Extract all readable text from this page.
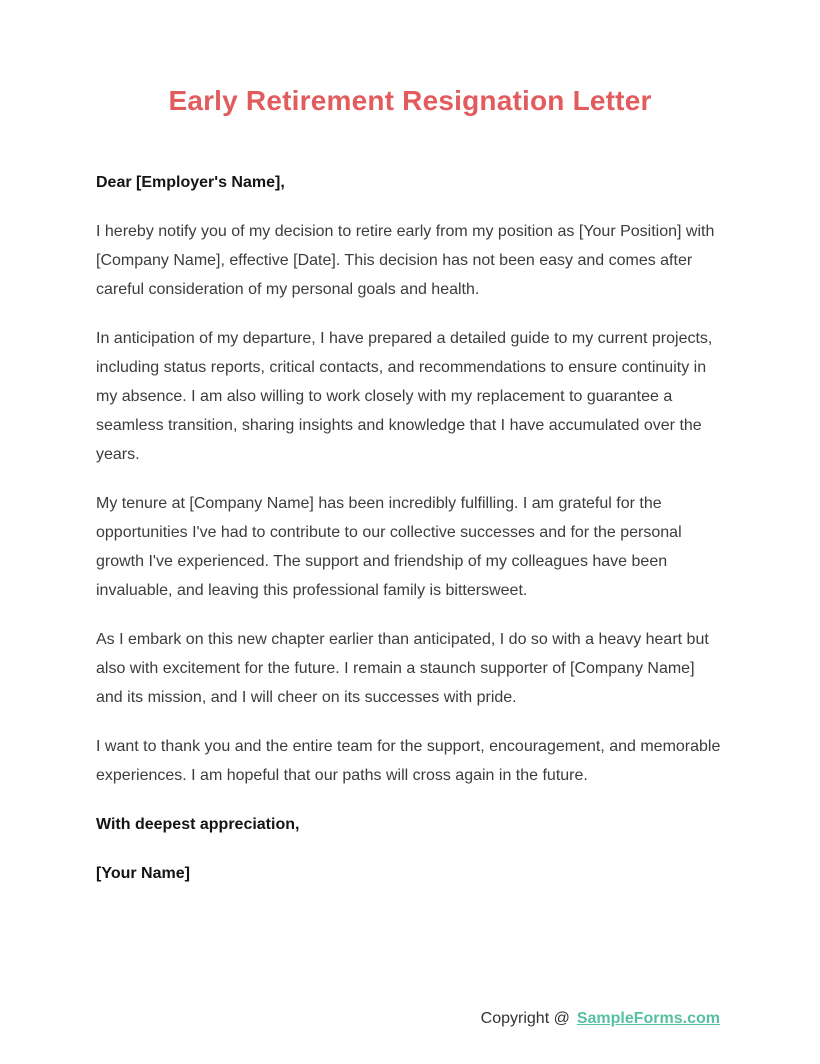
Early Retirement Resignation Letter

Dear [Employer's Name],

I hereby notify you of my decision to retire early from my position as [Your Position] with [Company Name], effective [Date]. This decision has not been easy and comes after careful consideration of my personal goals and health.

In anticipation of my departure, I have prepared a detailed guide to my current projects, including status reports, critical contacts, and recommendations to ensure continuity in my absence. I am also willing to work closely with my replacement to guarantee a seamless transition, sharing insights and knowledge that I have accumulated over the years.

My tenure at [Company Name] has been incredibly fulfilling. I am grateful for the opportunities I've had to contribute to our collective successes and for the personal growth I've experienced. The support and friendship of my colleagues have been invaluable, and leaving this professional family is bittersweet.

As I embark on this new chapter earlier than anticipated, I do so with a heavy heart but also with excitement for the future. I remain a staunch supporter of [Company Name] and its mission, and I will cheer on its successes with pride.

I want to thank you and the entire team for the support, encouragement, and memorable experiences. I am hopeful that our paths will cross again in the future.

With deepest appreciation,

[Your Name]

Copyright @ SampleForms.com
